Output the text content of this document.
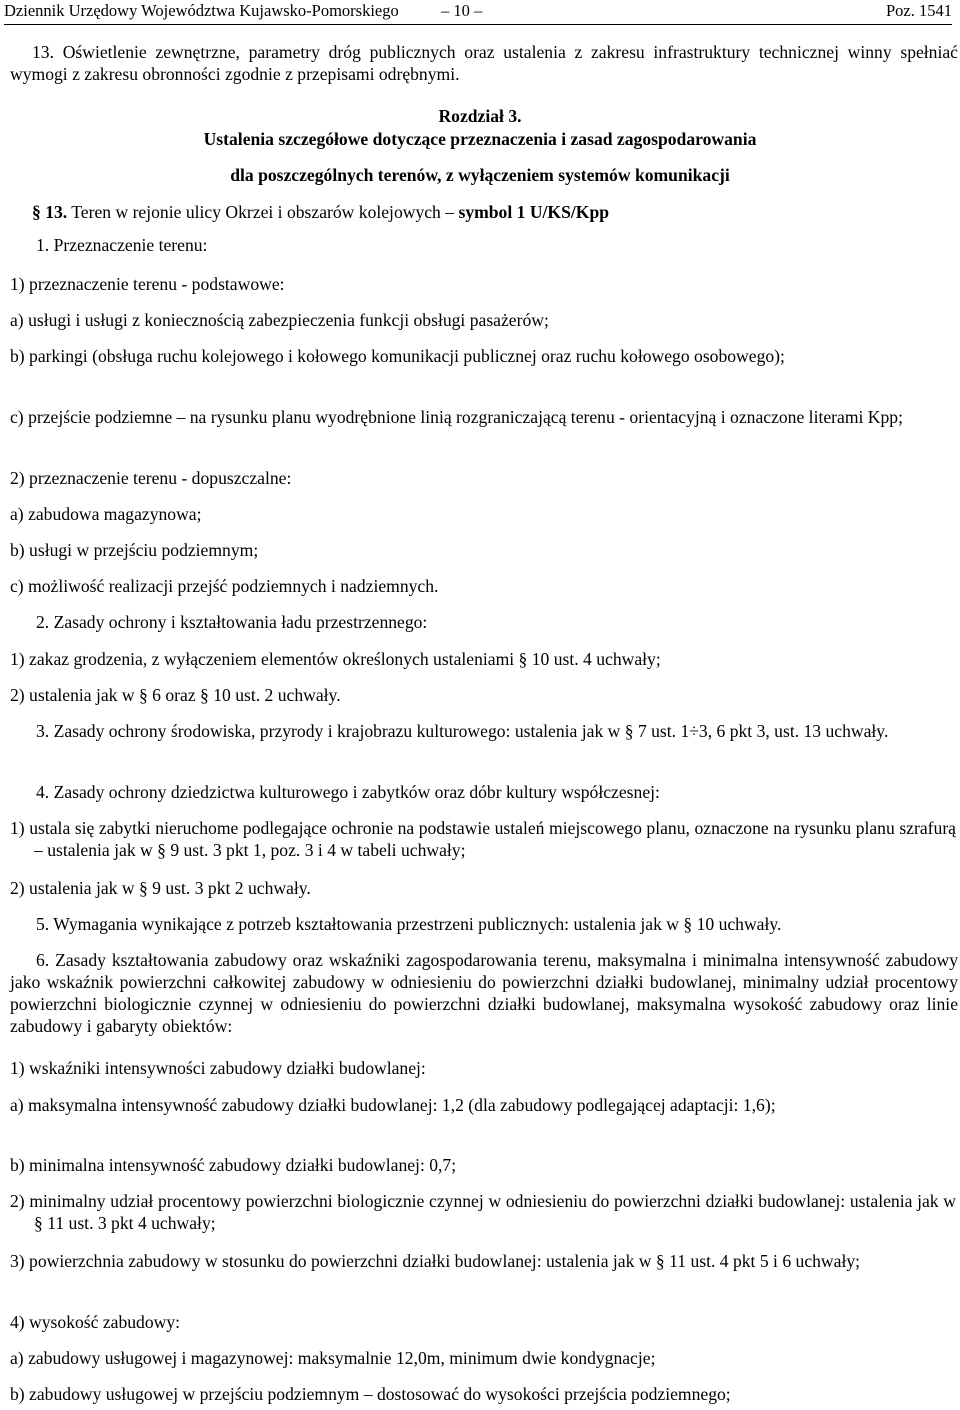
Dziennik Urzędowy Województwa Kujawsko-Pomorskiego	– 10 –	Poz. 1541
13. Oświetlenie zewnętrzne, parametry dróg publicznych oraz ustalenia z zakresu infrastruktury technicznej winny spełniać wymogi z zakresu obronności zgodnie z przepisami odrębnymi.
Rozdział 3.
Ustalenia szczegółowe dotyczące przeznaczenia i zasad zagospodarowania
dla poszczególnych terenów, z wyłączeniem systemów komunikacji
§ 13. Teren w rejonie ulicy Okrzei i obszarów kolejowych – symbol 1 U/KS/Kpp
1. Przeznaczenie terenu:
1) przeznaczenie terenu - podstawowe:
a) usługi i usługi z koniecznością zabezpieczenia funkcji obsługi pasażerów;
b) parkingi (obsługa ruchu kolejowego i kołowego komunikacji publicznej oraz ruchu kołowego osobowego);
c) przejście podziemne – na rysunku planu wyodrębnione linią rozgraniczającą terenu - orientacyjną i oznaczone literami Kpp;
2) przeznaczenie terenu - dopuszczalne:
a) zabudowa magazynowa;
b) usługi w przejściu podziemnym;
c) możliwość realizacji przejść podziemnych i nadziemnych.
2. Zasady ochrony i kształtowania ładu przestrzennego:
1) zakaz grodzenia, z wyłączeniem elementów określonych ustaleniami § 10 ust. 4 uchwały;
2) ustalenia jak w § 6 oraz § 10 ust. 2 uchwały.
3. Zasady ochrony środowiska, przyrody i krajobrazu kulturowego: ustalenia jak w § 7 ust. 1÷3, 6 pkt 3, ust. 13 uchwały.
4. Zasady ochrony dziedzictwa kulturowego i zabytków oraz dóbr kultury współczesnej:
1) ustala się zabytki nieruchome podlegające ochronie na podstawie ustaleń miejscowego planu, oznaczone na rysunku planu szrafurą – ustalenia jak w § 9 ust. 3 pkt 1, poz. 3 i 4 w tabeli uchwały;
2) ustalenia jak w § 9 ust. 3 pkt 2 uchwały.
5. Wymagania wynikające z potrzeb kształtowania przestrzeni publicznych: ustalenia jak w § 10 uchwały.
6. Zasady kształtowania zabudowy oraz wskaźniki zagospodarowania terenu, maksymalna i minimalna intensywność zabudowy jako wskaźnik powierzchni całkowitej zabudowy w odniesieniu do powierzchni działki budowlanej, minimalny udział procentowy powierzchni biologicznie czynnej w odniesieniu do powierzchni działki budowlanej, maksymalna wysokość zabudowy oraz linie zabudowy i gabaryty obiektów:
1) wskaźniki intensywności zabudowy działki budowlanej:
a) maksymalna intensywność zabudowy działki budowlanej: 1,2 (dla zabudowy podlegającej adaptacji: 1,6);
b) minimalna intensywność zabudowy działki budowlanej: 0,7;
2) minimalny udział procentowy powierzchni biologicznie czynnej w odniesieniu do powierzchni działki budowlanej: ustalenia jak w § 11 ust. 3 pkt 4 uchwały;
3) powierzchnia zabudowy w stosunku do powierzchni działki budowlanej: ustalenia jak w § 11 ust. 4 pkt 5 i 6 uchwały;
4) wysokość zabudowy:
a) zabudowy usługowej i magazynowej: maksymalnie 12,0m, minimum dwie kondygnacje;
b) zabudowy usługowej w przejściu podziemnym – dostosować do wysokości przejścia podziemnego;
